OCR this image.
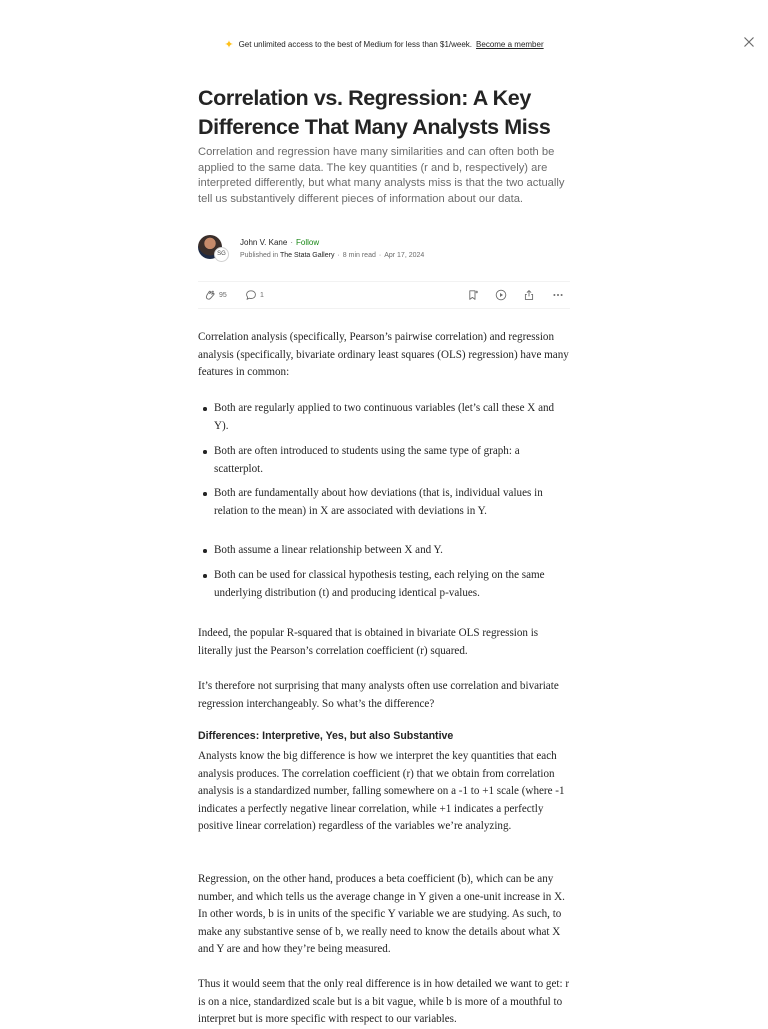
✦ Get unlimited access to the best of Medium for less than $1/week. Become a member
Correlation vs. Regression: A Key Difference That Many Analysts Miss

Correlation and regression have many similarities and can often both be applied to the same data. The key quantities (r and b, respectively) are interpreted differently, but what many analysts miss is that the two actually tell us substantively different pieces of information about our data.

SG
John V. Kane · Follow
Published in The Stata Gallery · 8 min read · Apr 17, 2024
95	1

Correlation analysis (specifically, Pearson’s pairwise correlation) and regression analysis (specifically, bivariate ordinary least squares (OLS) regression) have many features in common:

Both are regularly applied to two continuous variables (let’s call these X and Y).

Both are often introduced to students using the same type of graph: a scatterplot.

Both are fundamentally about how deviations (that is, individual values in relation to the mean) in X are associated with deviations in Y.

Both assume a linear relationship between X and Y.

Both can be used for classical hypothesis testing, each relying on the same underlying distribution (t) and producing identical p-values.

Indeed, the popular R-squared that is obtained in bivariate OLS regression is literally just the Pearson’s correlation coefficient (r) squared.

It’s therefore not surprising that many analysts often use correlation and bivariate regression interchangeably. So what’s the difference?

Differences: Interpretive, Yes, but also Substantive

Analysts know the big difference is how we interpret the key quantities that each analysis produces. The correlation coefficient (r) that we obtain from correlation analysis is a standardized number, falling somewhere on a -1 to +1 scale (where -1 indicates a perfectly negative linear correlation, while +1 indicates a perfectly positive linear correlation) regardless of the variables we’re analyzing.

Regression, on the other hand, produces a beta coefficient (b), which can be any number, and which tells us the average change in Y given a one-unit increase in X. In other words, b is in units of the specific Y variable we are studying. As such, to make any substantive sense of b, we really need to know the details about what X and Y are and how they’re being measured.

Thus it would seem that the only real difference is in how detailed we want to get: r is on a nice, standardized scale but is a bit vague, while b is more of a mouthful to interpret but is more specific with respect to our variables.
